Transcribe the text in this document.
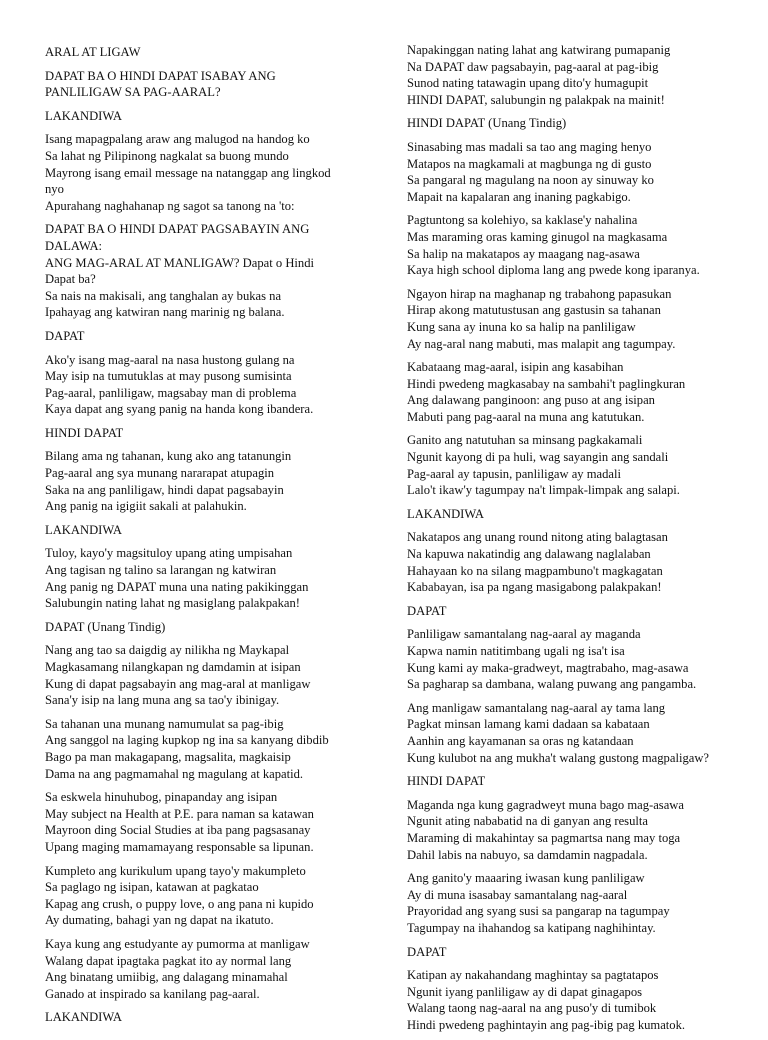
ARAL AT LIGAW
DAPAT BA O HINDI DAPAT ISABAY ANG
PANLILIGAW SA PAG-AARAL?
LAKANDIWA
Isang mapagpalang araw ang malugod na handog ko
Sa lahat ng Pilipinong nagkalat sa buong mundo
Mayrong isang email message na natanggap ang lingkod
nyo
Apurahang naghahanap ng sagot sa tanong na 'to:
DAPAT BA O HINDI DAPAT PAGSABAYIN ANG
DALAWA:
ANG MAG-ARAL AT MANLIGAW? Dapat o Hindi
Dapat ba?
Sa nais na makisali, ang tanghalan ay bukas na
Ipahayag ang katwiran nang marinig ng balana.
DAPAT
Ako'y isang mag-aaral na nasa hustong gulang na
May isip na tumutuklas at may pusong sumisinta
Pag-aaral, panliligaw, magsabay man di problema
Kaya dapat ang syang panig na handa kong ibandera.
HINDI DAPAT
Bilang ama ng tahanan, kung ako ang tatanungin
Pag-aaral ang sya munang nararapat atupagin
Saka na ang panliligaw, hindi dapat pagsabayin
Ang panig na igigiit sakali at palahukin.
LAKANDIWA
Tuloy, kayo'y magsituloy upang ating umpisahan
Ang tagisan ng talino sa larangan ng katwiran
Ang panig ng DAPAT muna una nating pakikinggan
Salubungin nating lahat ng masiglang palakpakan!
DAPAT (Unang Tindig)
Nang ang tao sa daigdig ay nilikha ng Maykapal
Magkasamang nilangkapan ng damdamin at isipan
Kung di dapat pagsabayin ang mag-aral at manligaw
Sana'y isip na lang muna ang sa tao'y ibinigay.
Sa tahanan una munang namumulat sa pag-ibig
Ang sanggol na laging kupkop ng ina sa kanyang dibdib
Bago pa man makagapang, magsalita, magkaisip
Dama na ang pagmamahal ng magulang at kapatid.
Sa eskwela hinuhubog, pinapanday ang isipan
May subject na Health at P.E. para naman sa katawan
Mayroon ding Social Studies at iba pang pagsasanay
Upang maging mamamayang responsable sa lipunan.
Kumpleto ang kurikulum upang tayo'y makumpleto
Sa paglago ng isipan, katawan at pagkatao
Kapag ang crush, o puppy love, o ang pana ni kupido
Ay dumating, bahagi yan ng dapat na ikatuto.
Kaya kung ang estudyante ay pumorma at manligaw
Walang dapat ipagtaka pagkat ito ay normal lang
Ang binatang umiibig, ang dalagang minamahal
Ganado at inspirado sa kanilang pag-aaral.
LAKANDIWA
Napakinggan nating lahat ang katwirang pumapanig
Na DAPAT daw pagsabayin, pag-aaral at pag-ibig
Sunod nating tatawagin upang dito'y humagupit
HINDI DAPAT, salubungin ng palakpak na mainit!
HINDI DAPAT (Unang Tindig)
Sinasabing mas madali sa tao ang maging henyo
Matapos na magkamali at magbunga ng di gusto
Sa pangaral ng magulang na noon ay sinuway ko
Mapait na kapalaran ang inaning pagkabigo.
Pagtuntong sa kolehiyo, sa kaklase'y nahalina
Mas maraming oras kaming ginugol na magkasama
Sa halip na makatapos ay maagang nag-asawa
Kaya high school diploma lang ang pwede kong iparanya.
Ngayon hirap na maghanap ng trabahong papasukan
Hirap akong matutustusan ang gastusin sa tahanan
Kung sana ay inuna ko sa halip na panliligaw
Ay nag-aral nang mabuti, mas malapit ang tagumpay.
Kabataang mag-aaral, isipin ang kasabihan
Hindi pwedeng magkasabay na sambahi't paglingkuran
Ang dalawang panginoon: ang puso at ang isipan
Mabuti pang pag-aaral na muna ang katutukan.
Ganito ang natutuhan sa minsang pagkakamali
Ngunit kayong di pa huli, wag sayangin ang sandali
Pag-aaral ay tapusin, panliligaw ay madali
Lalo't ikaw'y tagumpay na't limpak-limpak ang salapi.
LAKANDIWA
Nakatapos ang unang round nitong ating balagtasan
Na kapuwa nakatindig ang dalawang naglalaban
Hahayaan ko na silang magpambuno't magkagatan
Kababayan, isa pa ngang masigabong palakpakan!
DAPAT
Panliligaw samantalang nag-aaral ay maganda
Kapwa namin natitimbang ugali ng isa't isa
Kung kami ay maka-gradweyt, magtrabaho, mag-asawa
Sa pagharap sa dambana, walang puwang ang pangamba.
Ang manligaw samantalang nag-aaral ay tama lang
Pagkat minsan lamang kami dadaan sa kabataan
Aanhin ang kayamanan sa oras ng katandaan
Kung kulubot na ang mukha't walang gustong magpaligaw?
HINDI DAPAT
Maganda nga kung gagradweyt muna bago mag-asawa
Ngunit ating nababatid na di ganyan ang resulta
Maraming di makahintay sa pagmartsa nang may toga
Dahil labis na nabuyo, sa damdamin nagpadala.
Ang ganito'y maaaring iwasan kung panliligaw
Ay di muna isasabay samantalang nag-aaral
Prayoridad ang syang susi sa pangarap na tagumpay
Tagumpay na ihahandog sa katipang naghihintay.
DAPAT
Katipan ay nakahandang maghintay sa pagtatapos
Ngunit iyang panliligaw ay di dapat ginagapos
Walang taong nag-aaral na ang puso'y di tumibok
Hindi pwedeng paghintayin ang pag-ibig pag kumatok.
